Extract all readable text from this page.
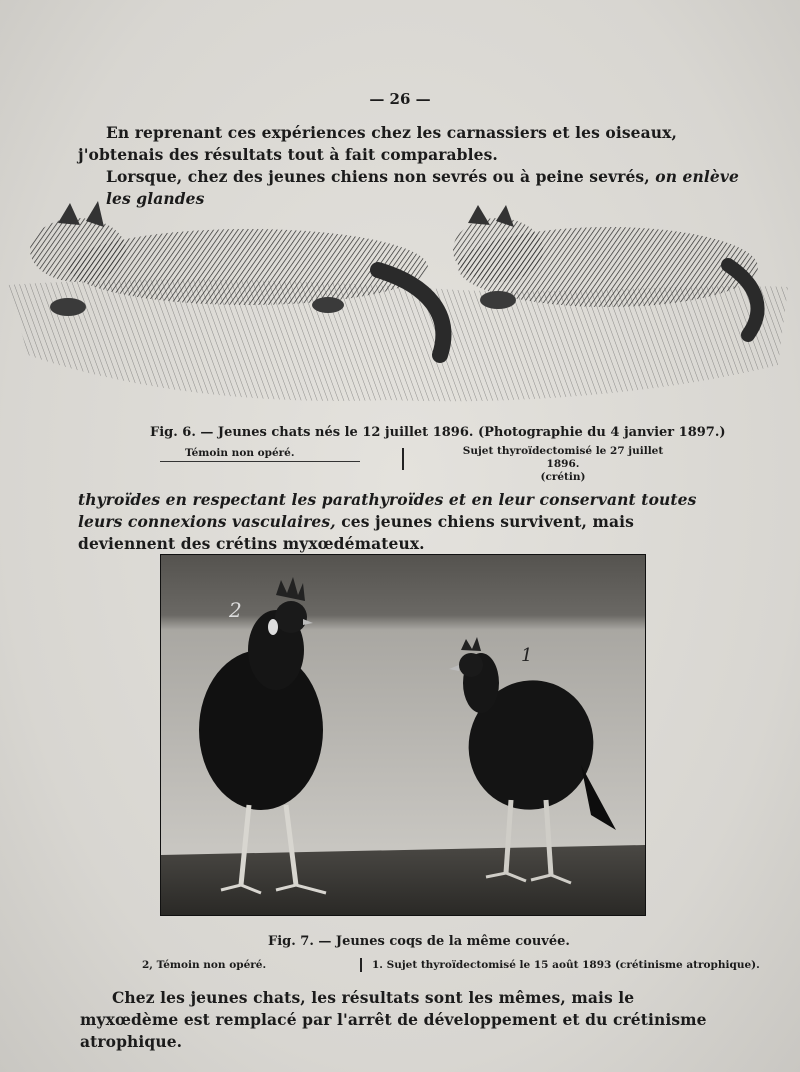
— 26 —
En reprenant ces expériences chez les carnassiers et les oiseaux, j'obtenais des résultats tout à fait comparables.
Lorsque, chez des jeunes chiens non sevrés ou à peine sevrés, on enlève les glandes
Fig. 6. — Jeunes chats nés le 12 juillet 1896. (Photographie du 4 janvier 1897.)
Témoin non opéré.	Sujet thyroïdectomisé le 27 juillet 1896.
(crétin)
thyroïdes en respectant les parathyroïdes et en leur conservant toutes leurs connexions vasculaires, ces jeunes chiens survivent, mais deviennent des crétins myxœdémateux.
2
1
Fig. 7. — Jeunes coqs de la même couvée.
2, Témoin non opéré.	1. Sujet thyroïdectomisé le 15 août 1893 (crétinisme atrophique).
Chez les jeunes chats, les résultats sont les mêmes, mais le myxœdème est remplacé par l'arrêt de développement et du crétinisme atrophique.
